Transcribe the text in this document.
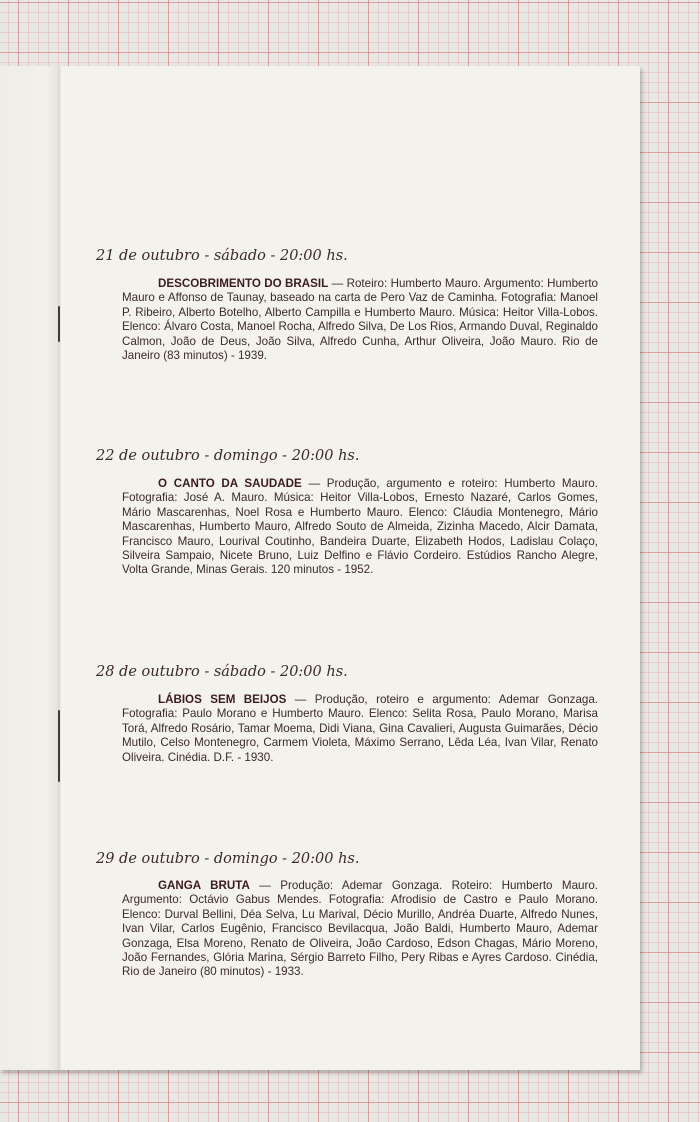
21 de outubro - sábado - 20:00 hs.

DESCOBRIMENTO DO BRASIL — Roteiro: Humberto Mauro. Argumento: Humberto Mauro e Affonso de Taunay, baseado na carta de Pero Vaz de Caminha. Fotografia: Manoel P. Ribeiro, Alberto Botelho, Alberto Campilla e Humberto Mauro. Música: Heitor Villa-Lobos. Elenco: Álvaro Costa, Manoel Rocha, Alfredo Silva, De Los Rios, Armando Duval, Reginaldo Calmon, João de Deus, João Silva, Alfredo Cunha, Arthur Oliveira, João Mauro. Rio de Janeiro (83 minutos) - 1939.

22 de outubro - domingo - 20:00 hs.

O CANTO DA SAUDADE — Produção, argumento e roteiro: Humberto Mauro. Fotografia: José A. Mauro. Música: Heitor Villa-Lobos, Ernesto Nazaré, Carlos Gomes, Mário Mascarenhas, Noel Rosa e Humberto Mauro. Elenco: Cláudia Montenegro, Mário Mascarenhas, Humberto Mauro, Alfredo Souto de Almeida, Zizinha Macedo, Alcir Damata, Francisco Mauro, Lourival Coutinho, Bandeira Duarte, Elizabeth Hodos, Ladislau Colaço, Silveira Sampaio, Nicete Bruno, Luiz Delfino e Flávio Cordeiro. Estúdios Rancho Alegre, Volta Grande, Minas Gerais. 120 minutos - 1952.

28 de outubro - sábado - 20:00 hs.

LÁBIOS SEM BEIJOS — Produção, roteiro e argumento: Ademar Gonzaga. Fotografia: Paulo Morano e Humberto Mauro. Elenco: Selita Rosa, Paulo Morano, Marisa Torá, Alfredo Rosário, Tamar Moema, Didi Viana, Gina Cavalieri, Augusta Guimarães, Décio Mutilo, Celso Montenegro, Carmem Violeta, Máximo Serrano, Lêda Léa, Ivan Vilar, Renato Oliveira. Cinédia. D.F. - 1930.

29 de outubro - domingo - 20:00 hs.

GANGA BRUTA — Produção: Ademar Gonzaga. Roteiro: Humberto Mauro. Argumento: Octávio Gabus Mendes. Fotografia: Afrodisio de Castro e Paulo Morano. Elenco: Durval Bellini, Déa Selva, Lu Marival, Décio Murillo, Andréa Duarte, Alfredo Nunes, Ivan Vilar, Carlos Eugênio, Francisco Bevilacqua, João Baldi, Humberto Mauro, Ademar Gonzaga, Elsa Moreno, Renato de Oliveira, João Cardoso, Edson Chagas, Mário Moreno, João Fernandes, Glória Marina, Sérgio Barreto Filho, Pery Ribas e Ayres Cardoso. Cinédia, Rio de Janeiro (80 minutos) - 1933.
